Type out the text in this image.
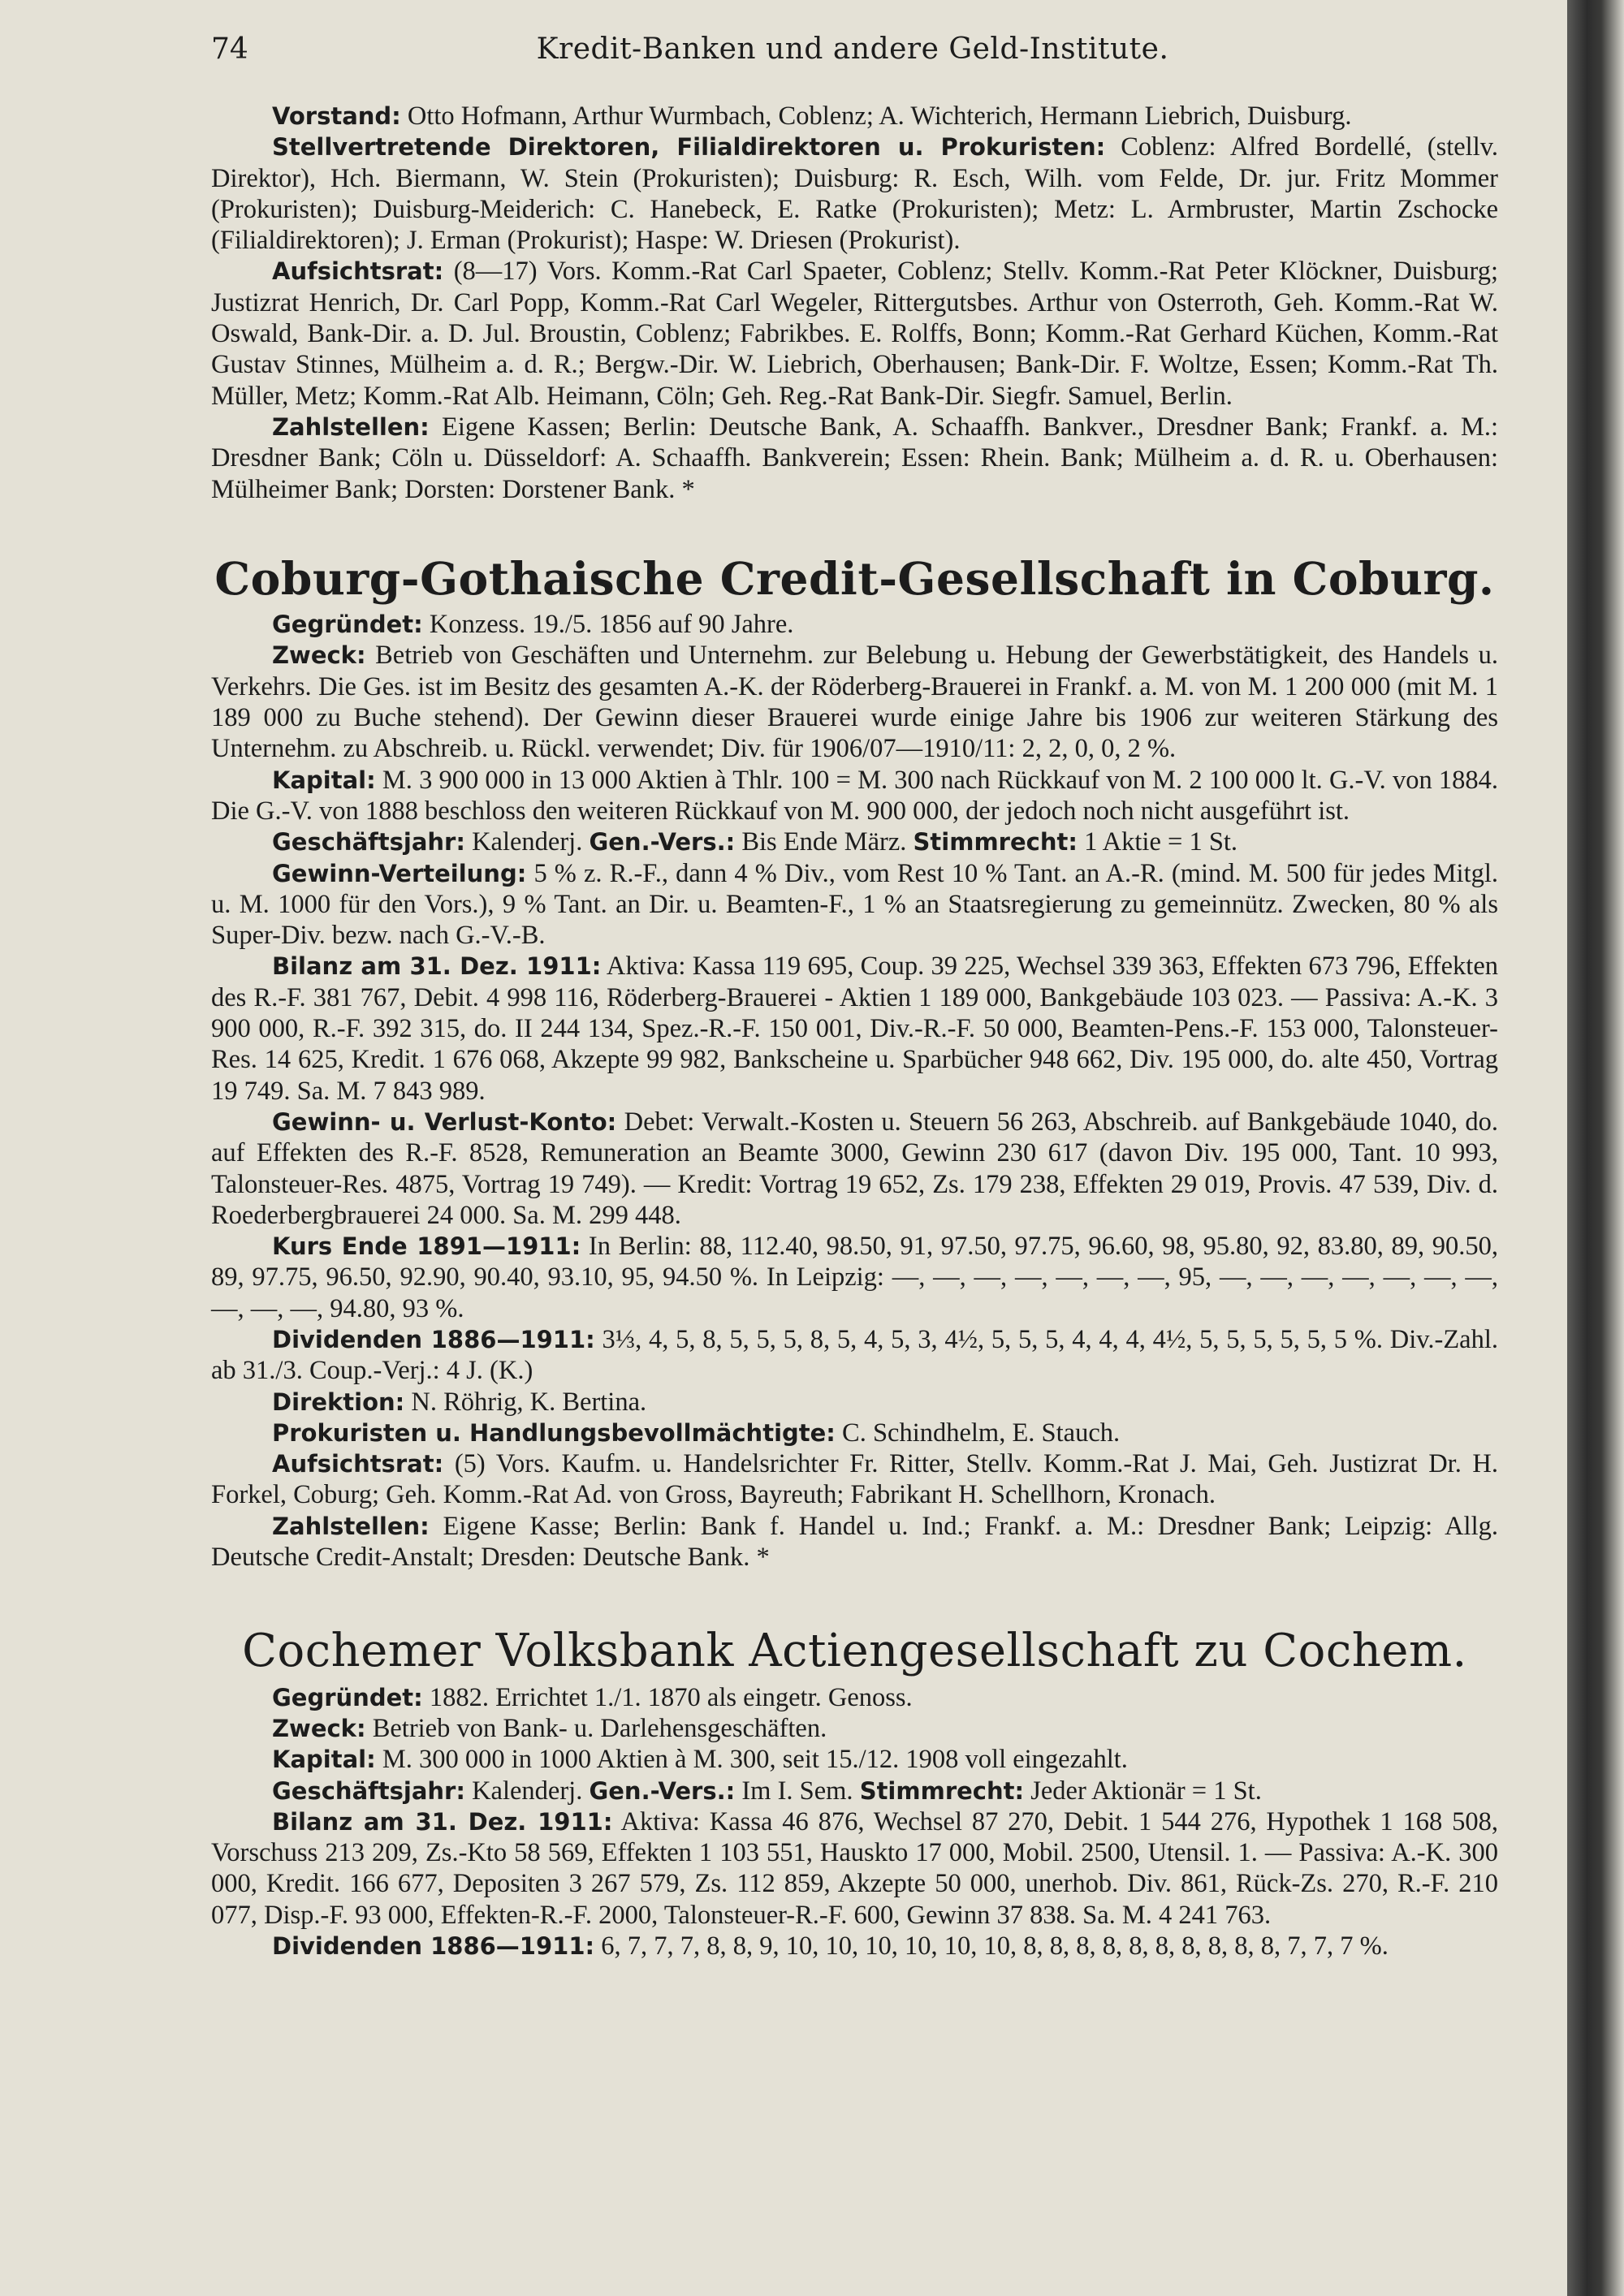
74	Kredit-Banken und andere Geld-Institute.

Vorstand: Otto Hofmann, Arthur Wurmbach, Coblenz; A. Wichterich, Hermann Liebrich, Duisburg.

Stellvertretende Direktoren, Filialdirektoren u. Prokuristen: Coblenz: Alfred Bordellé, (stellv. Direktor), Hch. Biermann, W. Stein (Prokuristen); Duisburg: R. Esch, Wilh. vom Felde, Dr. jur. Fritz Mommer (Prokuristen); Duisburg-Meiderich: C. Hanebeck, E. Ratke (Prokuristen); Metz: L. Armbruster, Martin Zschocke (Filialdirektoren); J. Erman (Prokurist); Haspe: W. Driesen (Prokurist).

Aufsichtsrat: (8—17) Vors. Komm.-Rat Carl Spaeter, Coblenz; Stellv. Komm.-Rat Peter Klöckner, Duisburg; Justizrat Henrich, Dr. Carl Popp, Komm.-Rat Carl Wegeler, Rittergutsbes. Arthur von Osterroth, Geh. Komm.-Rat W. Oswald, Bank-Dir. a. D. Jul. Broustin, Coblenz; Fabrikbes. E. Rolffs, Bonn; Komm.-Rat Gerhard Küchen, Komm.-Rat Gustav Stinnes, Mülheim a. d. R.; Bergw.-Dir. W. Liebrich, Oberhausen; Bank-Dir. F. Woltze, Essen; Komm.-Rat Th. Müller, Metz; Komm.-Rat Alb. Heimann, Cöln; Geh. Reg.-Rat Bank-Dir. Siegfr. Samuel, Berlin.

Zahlstellen: Eigene Kassen; Berlin: Deutsche Bank, A. Schaaffh. Bankver., Dresdner Bank; Frankf. a. M.: Dresdner Bank; Cöln u. Düsseldorf: A. Schaaffh. Bankverein; Essen: Rhein. Bank; Mülheim a. d. R. u. Oberhausen: Mülheimer Bank; Dorsten: Dorstener Bank. *

Coburg-Gothaische Credit-Gesellschaft in Coburg.

Gegründet: Konzess. 19./5. 1856 auf 90 Jahre.

Zweck: Betrieb von Geschäften und Unternehm. zur Belebung u. Hebung der Gewerbstätigkeit, des Handels u. Verkehrs. Die Ges. ist im Besitz des gesamten A.-K. der Röderberg-Brauerei in Frankf. a. M. von M. 1 200 000 (mit M. 1 189 000 zu Buche stehend). Der Gewinn dieser Brauerei wurde einige Jahre bis 1906 zur weiteren Stärkung des Unternehm. zu Abschreib. u. Rückl. verwendet; Div. für 1906/07—1910/11: 2, 2, 0, 0, 2 %.

Kapital: M. 3 900 000 in 13 000 Aktien à Thlr. 100 = M. 300 nach Rückkauf von M. 2 100 000 lt. G.-V. von 1884. Die G.-V. von 1888 beschloss den weiteren Rückkauf von M. 900 000, der jedoch noch nicht ausgeführt ist.

Geschäftsjahr: Kalenderj. Gen.-Vers.: Bis Ende März. Stimmrecht: 1 Aktie = 1 St.

Gewinn-Verteilung: 5 % z. R.-F., dann 4 % Div., vom Rest 10 % Tant. an A.-R. (mind. M. 500 für jedes Mitgl. u. M. 1000 für den Vors.), 9 % Tant. an Dir. u. Beamten-F., 1 % an Staatsregierung zu gemeinnütz. Zwecken, 80 % als Super-Div. bezw. nach G.-V.-B.

Bilanz am 31. Dez. 1911: Aktiva: Kassa 119 695, Coup. 39 225, Wechsel 339 363, Effekten 673 796, Effekten des R.-F. 381 767, Debit. 4 998 116, Röderberg-Brauerei - Aktien 1 189 000, Bankgebäude 103 023. — Passiva: A.-K. 3 900 000, R.-F. 392 315, do. II 244 134, Spez.-R.-F. 150 001, Div.-R.-F. 50 000, Beamten-Pens.-F. 153 000, Talonsteuer-Res. 14 625, Kredit. 1 676 068, Akzepte 99 982, Bankscheine u. Sparbücher 948 662, Div. 195 000, do. alte 450, Vortrag 19 749. Sa. M. 7 843 989.

Gewinn- u. Verlust-Konto: Debet: Verwalt.-Kosten u. Steuern 56 263, Abschreib. auf Bankgebäude 1040, do. auf Effekten des R.-F. 8528, Remuneration an Beamte 3000, Gewinn 230 617 (davon Div. 195 000, Tant. 10 993, Talonsteuer-Res. 4875, Vortrag 19 749). — Kredit: Vortrag 19 652, Zs. 179 238, Effekten 29 019, Provis. 47 539, Div. d. Roederbergbrauerei 24 000. Sa. M. 299 448.

Kurs Ende 1891—1911: In Berlin: 88, 112.40, 98.50, 91, 97.50, 97.75, 96.60, 98, 95.80, 92, 83.80, 89, 90.50, 89, 97.75, 96.50, 92.90, 90.40, 93.10, 95, 94.50 %. In Leipzig: —, —, —, —, —, —, —, 95, —, —, —, —, —, —, —, —, —, —, 94.80, 93 %.

Dividenden 1886—1911: 3⅓, 4, 5, 8, 5, 5, 5, 8, 5, 4, 5, 3, 4½, 5, 5, 5, 4, 4, 4, 4½, 5, 5, 5, 5, 5, 5 %. Div.-Zahl. ab 31./3. Coup.-Verj.: 4 J. (K.)

Direktion: N. Röhrig, K. Bertina.

Prokuristen u. Handlungsbevollmächtigte: C. Schindhelm, E. Stauch.

Aufsichtsrat: (5) Vors. Kaufm. u. Handelsrichter Fr. Ritter, Stellv. Komm.-Rat J. Mai, Geh. Justizrat Dr. H. Forkel, Coburg; Geh. Komm.-Rat Ad. von Gross, Bayreuth; Fabrikant H. Schellhorn, Kronach.

Zahlstellen: Eigene Kasse; Berlin: Bank f. Handel u. Ind.; Frankf. a. M.: Dresdner Bank; Leipzig: Allg. Deutsche Credit-Anstalt; Dresden: Deutsche Bank. *

Cochemer Volksbank Actiengesellschaft zu Cochem.

Gegründet: 1882. Errichtet 1./1. 1870 als eingetr. Genoss.

Zweck: Betrieb von Bank- u. Darlehensgeschäften.

Kapital: M. 300 000 in 1000 Aktien à M. 300, seit 15./12. 1908 voll eingezahlt.

Geschäftsjahr: Kalenderj. Gen.-Vers.: Im I. Sem. Stimmrecht: Jeder Aktionär = 1 St.

Bilanz am 31. Dez. 1911: Aktiva: Kassa 46 876, Wechsel 87 270, Debit. 1 544 276, Hypothek 1 168 508, Vorschuss 213 209, Zs.-Kto 58 569, Effekten 1 103 551, Hauskto 17 000, Mobil. 2500, Utensil. 1. — Passiva: A.-K. 300 000, Kredit. 166 677, Depositen 3 267 579, Zs. 112 859, Akzepte 50 000, unerhob. Div. 861, Rück-Zs. 270, R.-F. 210 077, Disp.-F. 93 000, Effekten-R.-F. 2000, Talonsteuer-R.-F. 600, Gewinn 37 838. Sa. M. 4 241 763.

Dividenden 1886—1911: 6, 7, 7, 7, 8, 8, 9, 10, 10, 10, 10, 10, 10, 8, 8, 8, 8, 8, 8, 8, 8, 8, 8, 7, 7, 7 %.
